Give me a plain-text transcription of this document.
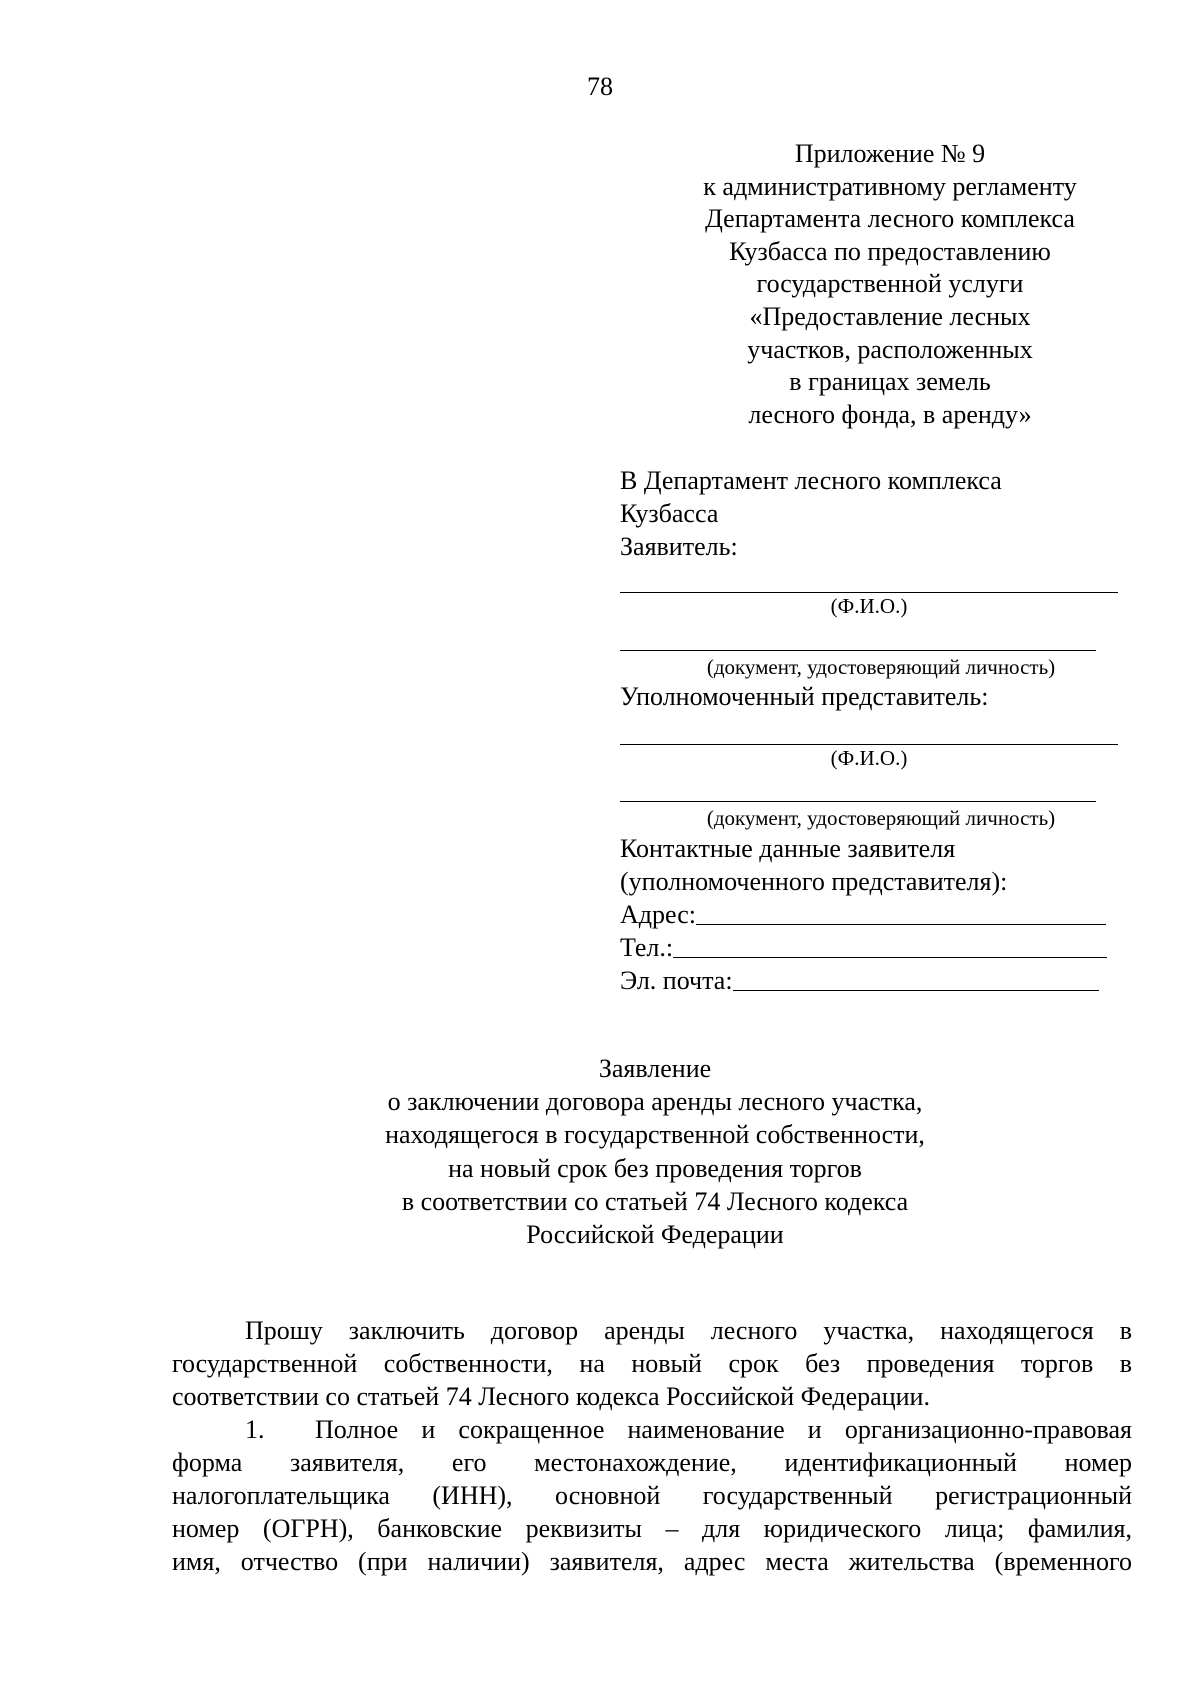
78
Приложение № 9
к административному регламенту
Департамента лесного комплекса
Кузбасса по предоставлению
государственной услуги
«Предоставление лесных
участков, расположенных
в границах земель
лесного фонда, в аренду»
В Департамент лесного комплекса
Кузбасса
Заявитель:
(Ф.И.О.)
(документ, удостоверяющий личность)
Уполномоченный представитель:
(Ф.И.О.)
(документ, удостоверяющий личность)
Контактные данные заявителя
(уполномоченного представителя):
Адрес:
Тел.:
Эл. почта:
Заявление
о заключении договора аренды лесного участка,
находящегося в государственной собственности,
на новый срок без проведения торгов
в соответствии со статьей 74 Лесного кодекса
Российской Федерации
Прошу заключить договор аренды лесного участка, находящегося в
государственной собственности, на новый срок без проведения торгов в
соответствии со статьей 74 Лесного кодекса Российской Федерации.
1.	Полное и сокращенное наименование и организационно-правовая
форма заявителя, его местонахождение, идентификационный номер
налогоплательщика (ИНН), основной государственный регистрационный
номер (ОГРН), банковские реквизиты – для юридического лица; фамилия,
имя, отчество (при наличии) заявителя, адрес места жительства (временного
